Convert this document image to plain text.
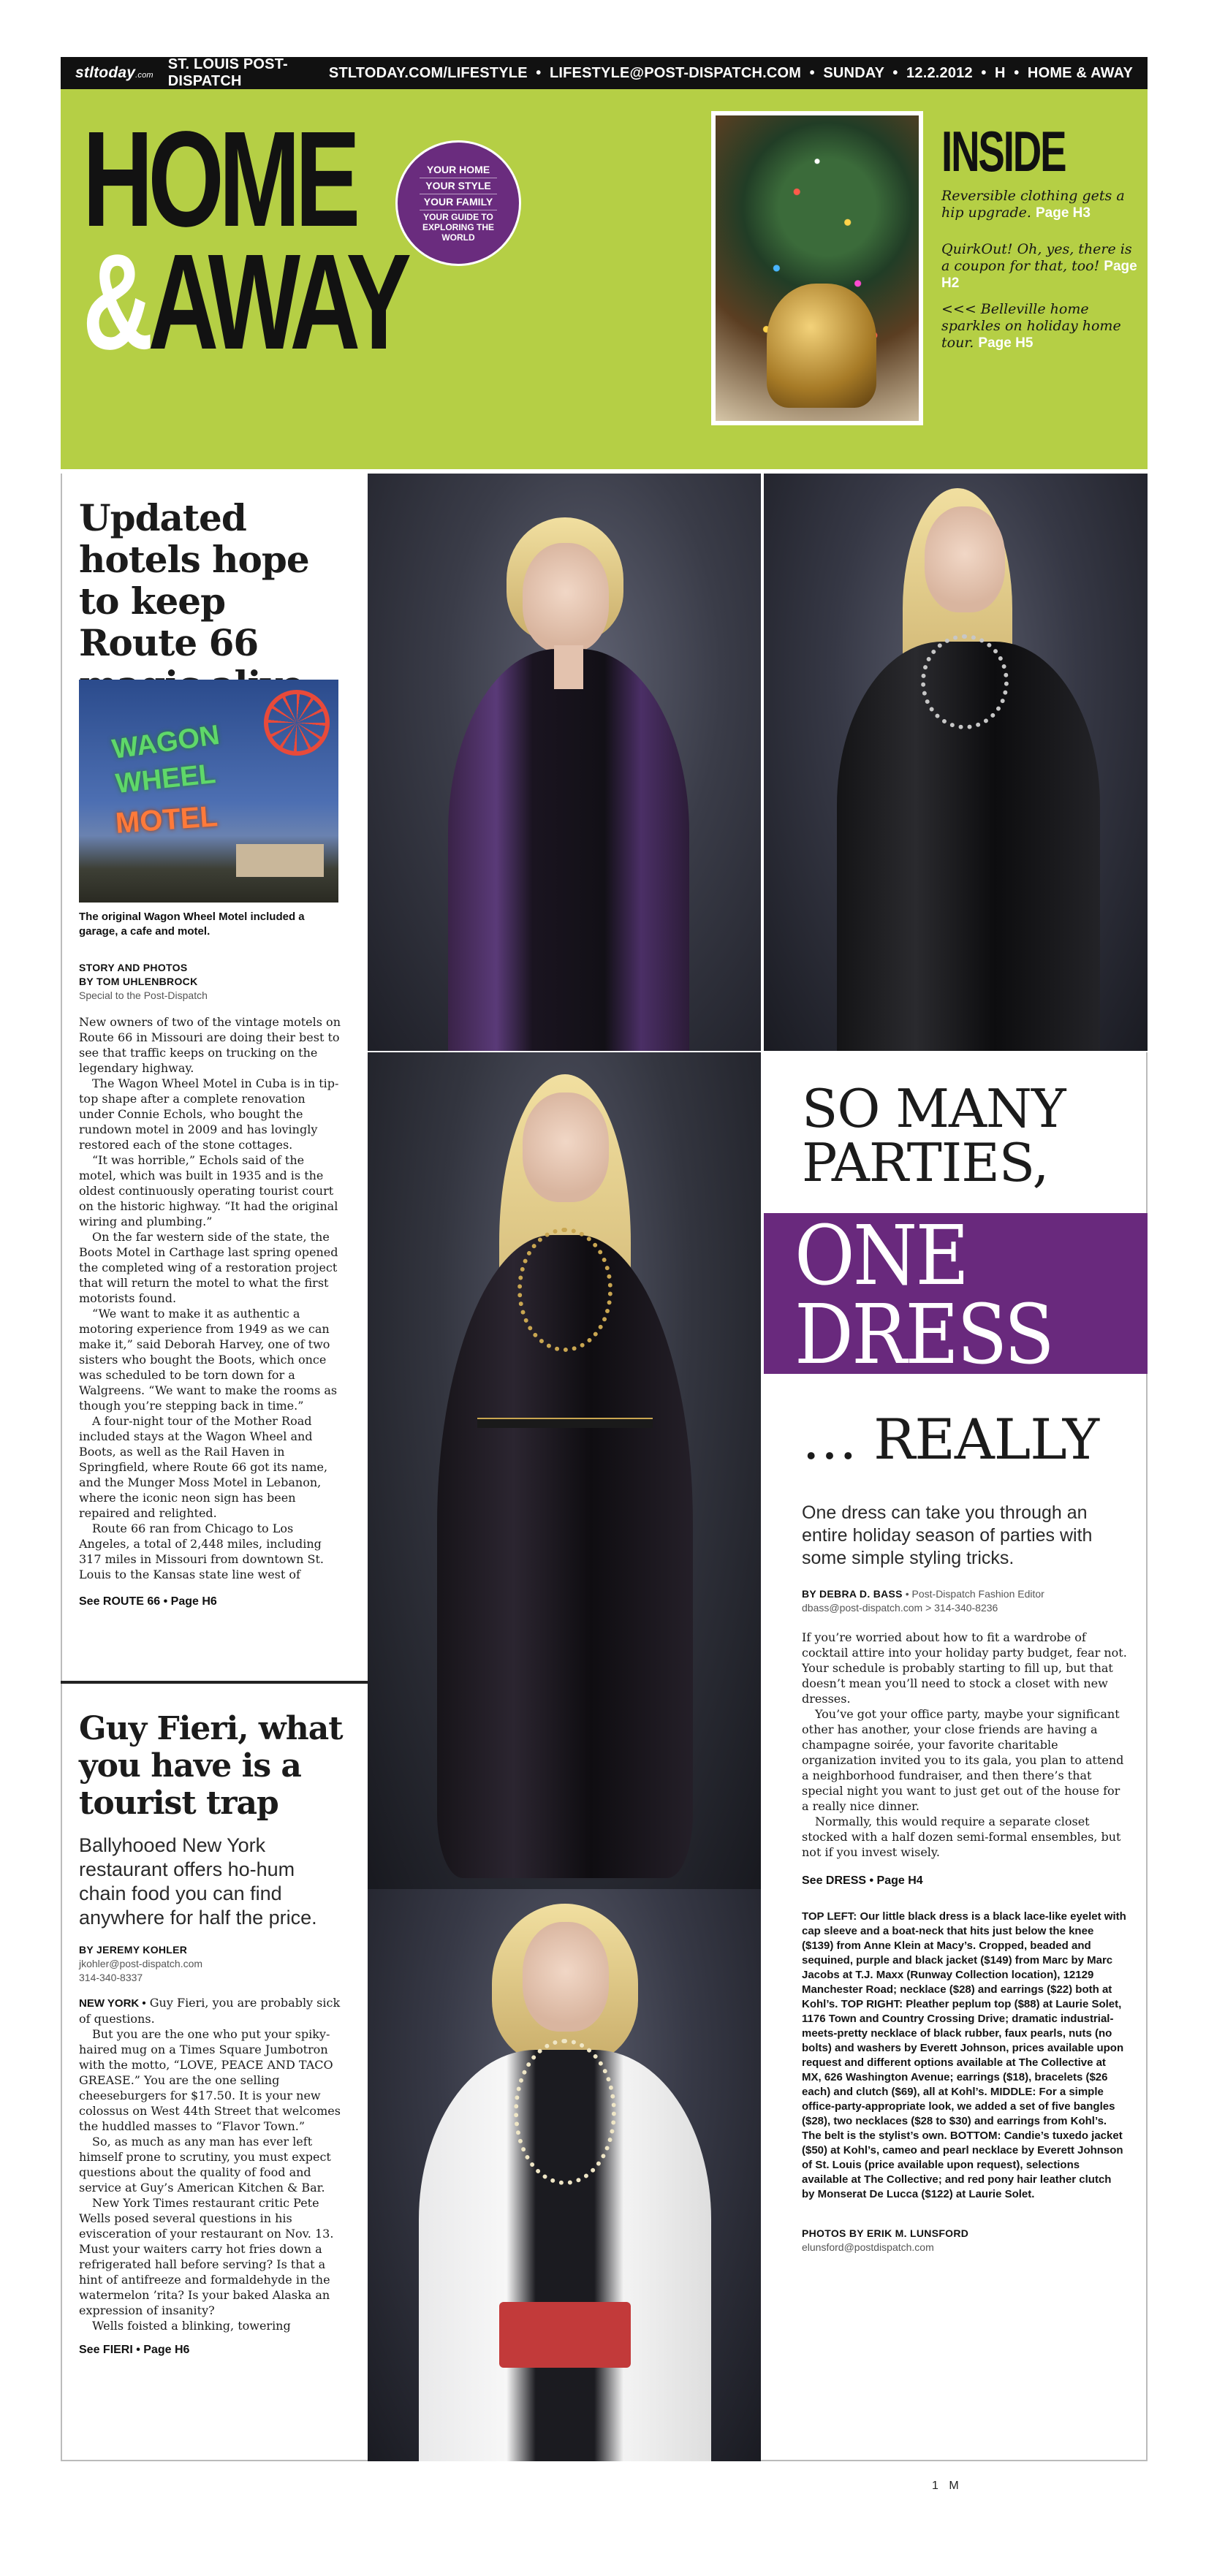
stltoday.com
ST. LOUIS POST-DISPATCH
STLTODAY.COM/LIFESTYLE  •  LIFESTYLE@POST-DISPATCH.COM  •  SUNDAY  •  12.2.2012  •  H  •  HOME & AWAY
HOME
&AWAY
YOUR HOME
YOUR STYLE
YOUR FAMILY
YOUR GUIDE TO EXPLORING THE WORLD
INSIDE
Reversible clothing gets a hip upgrade. Page H3
QuirkOut! Oh, yes, there is a coupon for that, too! Page H2
<<< Belleville home sparkles on holiday home tour. Page H5
Updated hotels hope to keep Route 66
WAGON
WHEEL
MOTEL

The original Wagon Wheel Motel included a garage, a cafe and motel.

STORY AND PHOTOS
BY TOM UHLENBROCK
Special to the Post-Dispatch

New owners of two of the vintage motels on Route 66 in Missouri are doing their best to see that traffic keeps on trucking on the legendary highway.

The Wagon Wheel Motel in Cuba is in tip-top shape after a complete renovation under Connie Echols, who bought the rundown motel in 2009 and has lovingly restored each of the stone cottages.

“It was horrible,” Echols said of the motel, which was built in 1935 and is the oldest continuously operating tourist court on the historic highway. “It had the original wiring and plumbing.”

On the far western side of the state, the Boots Motel in Carthage last spring opened the completed wing of a restoration project that will return the motel to what the first motorists found.

“We want to make it as authentic a motoring experience from 1949 as we can make it,” said Deborah Harvey, one of two sisters who bought the Boots, which once was scheduled to be torn down for a Walgreens. “We want to make the rooms as though you’re stepping back in time.”

A four-night tour of the Mother Road included stays at the Wagon Wheel and Boots, as well as the Rail Haven in Springfield, where Route 66 got its name, and the Munger Moss Motel in Lebanon, where the iconic neon sign has been repaired and relighted.

Route 66 ran from Chicago to Los Angeles, a total of 2,448 miles, including 317 miles in Missouri from downtown St. Louis to the Kansas state line west of

See ROUTE 66 • Page H6

Guy Fieri, what you have is a tourist trap

Ballyhooed New York restaurant offers ho-hum chain food you can find anywhere for half the price.

BY JEREMY KOHLER
jkohler@post-dispatch.com
314-340-8337

NEW YORK • Guy Fieri, you are probably sick of questions.

But you are the one who put your spiky-haired mug on a Times Square Jumbotron with the motto, “LOVE, PEACE AND TACO GREASE.” You are the one selling cheeseburgers for $17.50. It is your new colossus on West 44th Street that welcomes the huddled masses to “Flavor Town.”

So, as much as any man has ever left himself prone to scrutiny, you must expect questions about the quality of food and service at Guy’s American Kitchen & Bar.

New York Times restaurant critic Pete Wells posed several questions in his evisceration of your restaurant on Nov. 13. Must your waiters carry hot fries down a refrigerated hall before serving? Is that a hint of antifreeze and formaldehyde in the watermelon ’rita? Is your baked Alaska an expression of insanity?

Wells foisted a blinking, towering

See FIERI • Page H6

SO MANY
PARTIES,
ONE
DRESS
… REALLY

One dress can take you through an entire holiday season of parties with some simple styling tricks.

BY DEBRA D. BASS • Post-Dispatch Fashion Editor
dbass@post-dispatch.com > 314-340-8236

If you’re worried about how to fit a wardrobe of cocktail attire into your holiday party budget, fear not. Your schedule is probably starting to fill up, but that doesn’t mean you’ll need to stock a closet with new dresses.

You’ve got your office party, maybe your significant other has another, your close friends are having a champagne soirée, your favorite charitable organization invited you to its gala, you plan to attend a neighborhood fundraiser, and then there’s that special night you want to just get out of the house for a really nice dinner.

Normally, this would require a separate closet stocked with a half dozen semi-formal ensembles, but not if you invest wisely.

See DRESS • Page H4

TOP LEFT: Our little black dress is a black lace-like eyelet with cap sleeve and a boat-neck that hits just below the knee ($139) from Anne Klein at Macy’s. Cropped, beaded and sequined, purple and black jacket ($149) from Marc by Marc Jacobs at T.J. Maxx (Runway Collection location), 12129 Manchester Road; necklace ($28) and earrings ($22) both at Kohl’s. TOP RIGHT: Pleather peplum top ($88) at Laurie Solet, 1176 Town and Country Crossing Drive; dramatic industrial-meets-pretty necklace of black rubber, faux pearls, nuts (no bolts) and washers by Everett Johnson, prices available upon request and different options available at The Collective at MX, 626 Washington Avenue; earrings ($18), bracelets ($26 each) and clutch ($69), all at Kohl’s. MIDDLE: For a simple office-party-appropriate look, we added a set of five bangles ($28), two necklaces ($28 to $30) and earrings from Kohl’s. The belt is the stylist’s own. BOTTOM: Candie’s tuxedo jacket ($50) at Kohl’s, cameo and pearl necklace by Everett Johnson of St. Louis (price available upon request), selections available at The Collective; and red pony hair leather clutch by Monserat De Lucca ($122) at Laurie Solet.

PHOTOS BY ERIK M. LUNSFORD
elunsford@postdispatch.com
1 M
